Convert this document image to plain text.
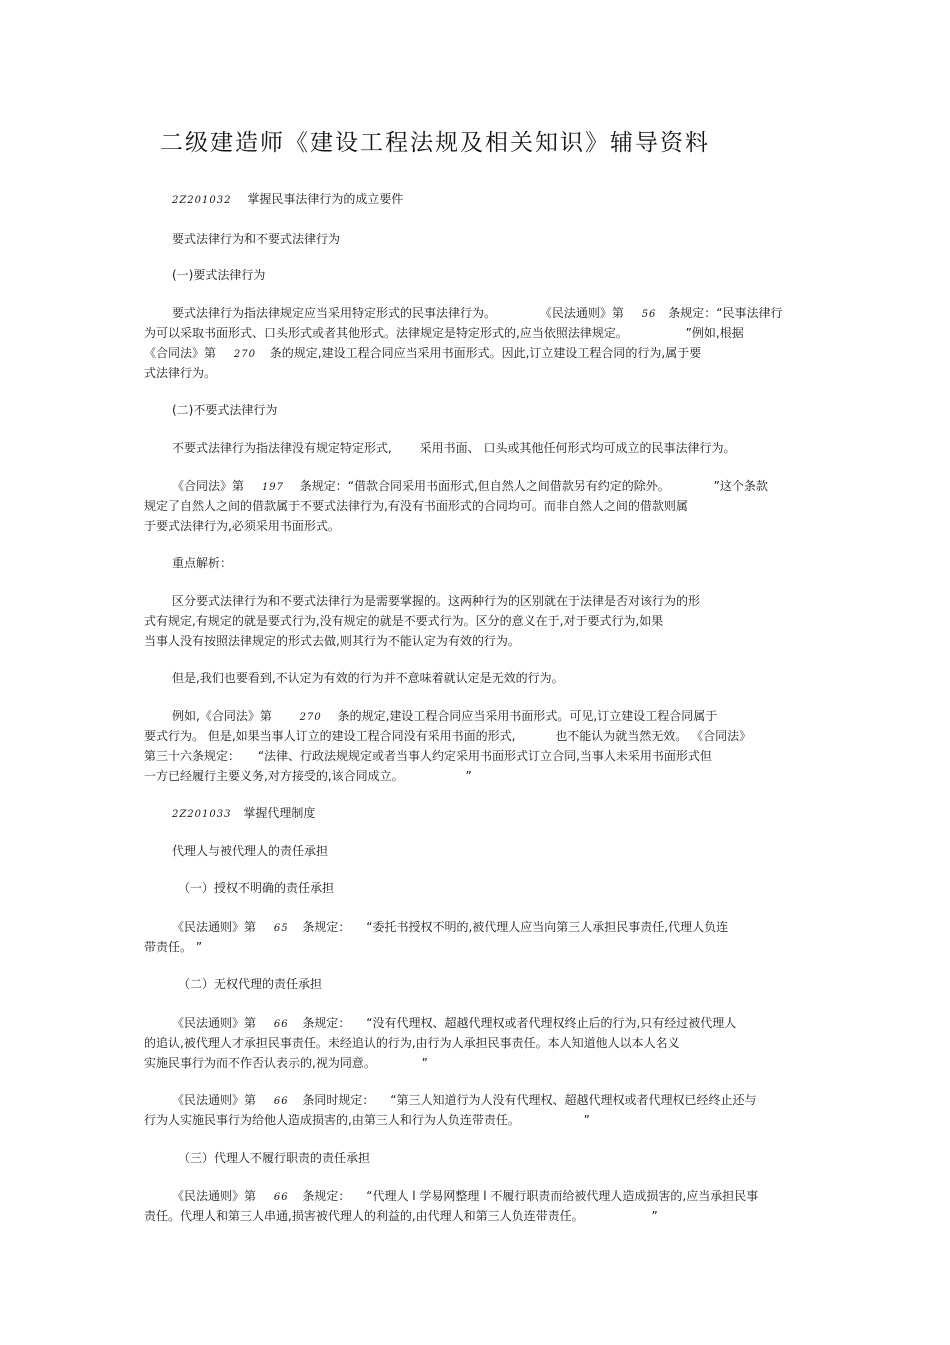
二级建造师《建设工程法规及相关知识》辅导资料
2Z201032 掌握民事法律行为的成立要件
要式法律行为和不要式法律行为
(一)要式法律行为
要式法律行为指法律规定应当采用特定形式的民事法律行为。	《民法通则》第 56 条规定：“民事法律行
为可以采取书面形式、口头形式或者其他形式。法律规定是特定形式的,应当依照法律规定。	”例如,根据
《合同法》第 270 条的规定,建设工程合同应当采用书面形式。因此,订立建设工程合同的行为,属于要
式法律行为。
(二)不要式法律行为
不要式法律行为指法律没有规定特定形式, 采用书面、 口头或其他任何形式均可成立的民事法律行为。
《合同法》第 197 条规定：“借款合同采用书面形式,但自然人之间借款另有约定的除外。	”这个条款
规定了自然人之间的借款属于不要式法律行为,有没有书面形式的合同均可。而非自然人之间的借款则属
于要式法律行为,必须采用书面形式。
重点解析：
区分要式法律行为和不要式法律行为是需要掌握的。这两种行为的区别就在于法律是否对该行为的形
式有规定,有规定的就是要式行为,没有规定的就是不要式行为。区分的意义在于,对于要式行为,如果
当事人没有按照法律规定的形式去做,则其行为不能认定为有效的行为。
但是,我们也要看到,不认定为有效的行为并不意味着就认定是无效的行为。
例如,《合同法》第	270 条的规定,建设工程合同应当采用书面形式。可见,订立建设工程合同属于
要式行为。 但是,如果当事人订立的建设工程合同没有采用书面的形式,	也不能认为就当然无效。 《合同法》
第三十六条规定： “法律、行政法规规定或者当事人约定采用书面形式订立合同,当事人未采用书面形式但
一方已经履行主要义务,对方接受的,该合同成立。	”
2Z201033 掌握代理制度
代理人与被代理人的责任承担
（一）授权不明确的责任承担
《民法通则》第 65 条规定： “委托书授权不明的,被代理人应当向第三人承担民事责任,代理人负连
带责任。 ”
（二）无权代理的责任承担
《民法通则》第 66 条规定： “没有代理权、超越代理权或者代理权终止后的行为,只有经过被代理人
的追认,被代理人才承担民事责任。未经追认的行为,由行为人承担民事责任。本人知道他人以本人名义
实施民事行为而不作否认表示的,视为同意。	”
《民法通则》第 66 条同时规定： “第三人知道行为人没有代理权、超越代理权或者代理权已经终止还与
行为人实施民事行为给他人造成损害的,由第三人和行为人负连带责任。	”
（三）代理人不履行职责的责任承担
《民法通则》第 66 条规定： “代理人 l 学易网整理 l 不履行职责而给被代理人造成损害的,应当承担民事
责任。代理人和第三人串通,损害被代理人的利益的,由代理人和第三人负连带责任。	”
